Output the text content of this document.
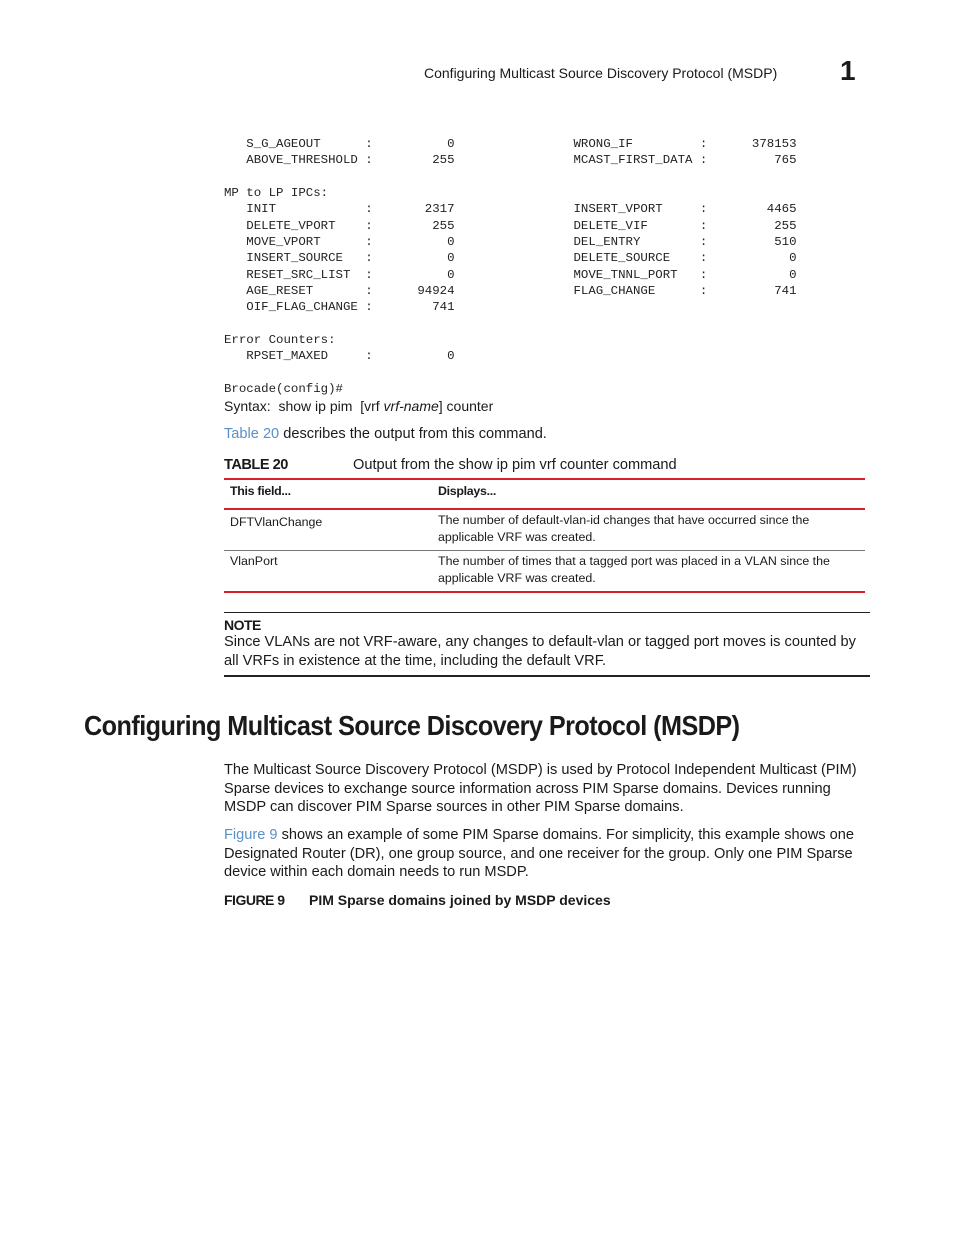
Configuring Multicast Source Discovery Protocol (MSDP) 1
S_G_AGEOUT      :          0                WRONG_IF         :      378153
ABOVE_THRESHOLD :        255                MCAST_FIRST_DATA :         765

MP to LP IPCs:
INIT            :       2317                INSERT_VPORT     :        4465
DELETE_VPORT    :        255                DELETE_VIF       :         255
MOVE_VPORT      :          0                DEL_ENTRY        :         510
INSERT_SOURCE   :          0                DELETE_SOURCE    :           0
RESET_SRC_LIST  :          0                MOVE_TNNL_PORT   :           0
AGE_RESET       :      94924                FLAG_CHANGE      :         741
OIF_FLAG_CHANGE :        741

Error Counters:
RPSET_MAXED     :          0

Brocade(config)#
Syntax: show ip pim [vrf vrf-name] counter
Table 20 describes the output from this command.
TABLE 20	Output from the show ip pim vrf counter command
This field...	Displays...
DFTVlanChange	The number of default-vlan-id changes that have occurred since the applicable VRF was created.
VlanPort	The number of times that a tagged port was placed in a VLAN since the applicable VRF was created.
NOTE
Since VLANs are not VRF-aware, any changes to default-vlan or tagged port moves is counted by all VRFs in existence at the time, including the default VRF.
Configuring Multicast Source Discovery Protocol (MSDP)
The Multicast Source Discovery Protocol (MSDP) is used by Protocol Independent Multicast (PIM) Sparse devices to exchange source information across PIM Sparse domains. Devices running MSDP can discover PIM Sparse sources in other PIM Sparse domains.
Figure 9 shows an example of some PIM Sparse domains. For simplicity, this example shows one Designated Router (DR), one group source, and one receiver for the group. Only one PIM Sparse device within each domain needs to run MSDP.
FIGURE 9 PIM Sparse domains joined by MSDP devices
